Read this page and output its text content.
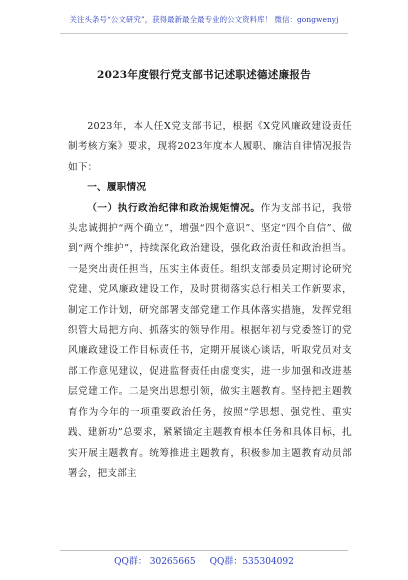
关注头条号“公文研究”，获得最新最全最专业的公文资料库！ 微信：gongwenyj
2023年度银行党支部书记述职述德述廉报告

2023年，本人任X党支部书记，根据《X党风廉政建设责任制考核方案》要求，现将2023年度本人履职、廉洁自律情况报告如下：

一、履职情况

（一）执行政治纪律和政治规矩情况。作为支部书记，我带头忠诚拥护“两个确立”，增强“四个意识”、坚定“四个自信”、做到“两个维护”，持续深化政治建设，强化政治责任和政治担当。一是突出责任担当，压实主体责任。组织支部委员定期讨论研究党建、党风廉政建设工作，及时贯彻落实总行相关工作新要求，制定工作计划，研究部署支部党建工作具体落实措施，发挥党组织管大局把方向、抓落实的领导作用。根据年初与党委签订的党风廉政建设工作目标责任书，定期开展谈心谈话，听取党员对支部工作意见建议，促进监督责任由虚变实，进一步加强和改进基层党建工作。二是突出思想引领，做实主题教育。坚持把主题教育作为今年的一项重要政治任务，按照“学思想、强党性、重实践、建新功”总要求，紧紧锚定主题教育根本任务和具体目标，扎实开展主题教育。统筹推进主题教育，积极参加主题教育动员部署会，把支部主

QQ群： 30265665 QQ群：535304092
